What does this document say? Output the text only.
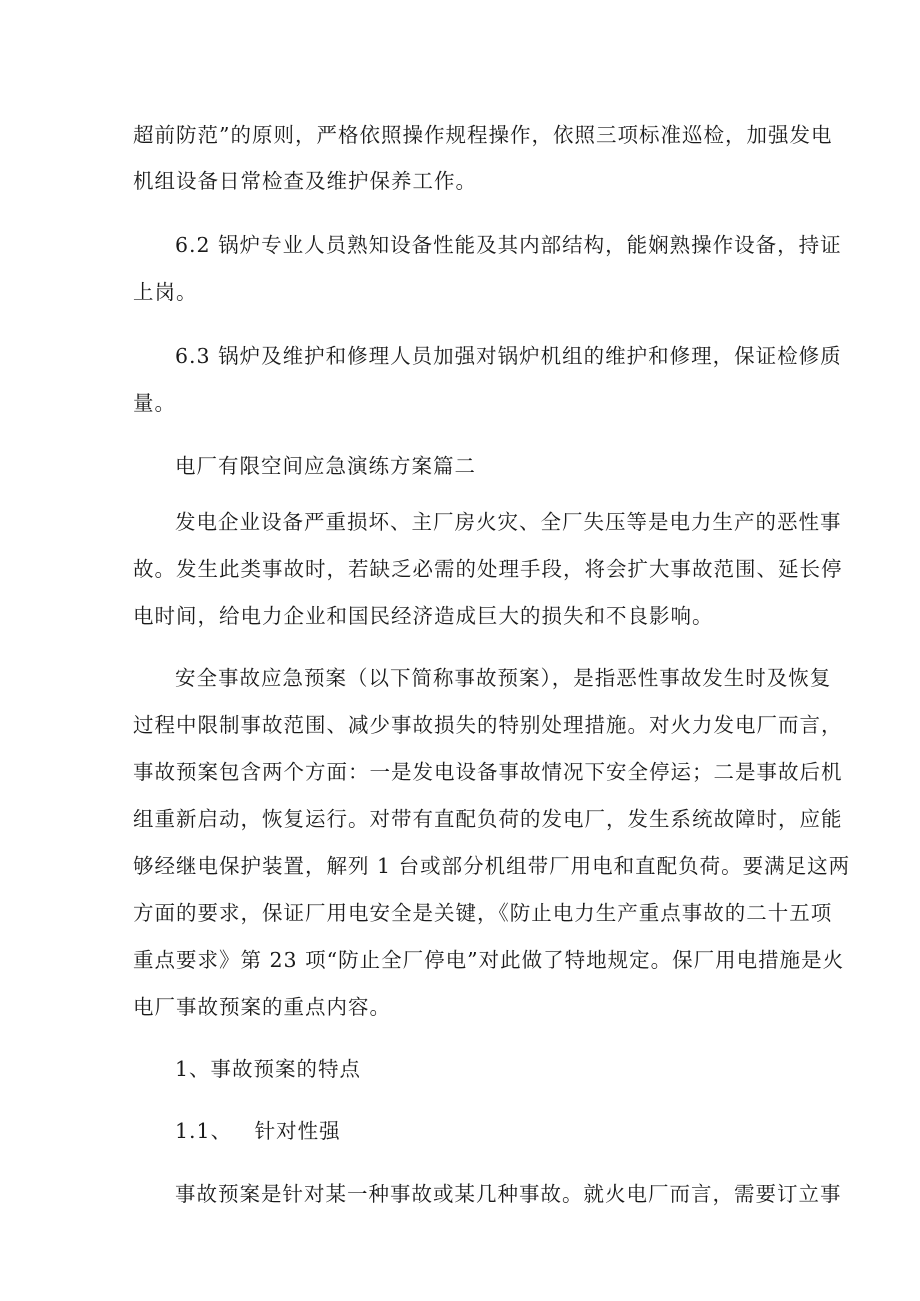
超前防范”的原则，严格依照操作规程操作，依照三项标准巡检，加强发电
机组设备日常检查及维护保养工作。
6.2 锅炉专业人员熟知设备性能及其内部结构，能娴熟操作设备，持证
上岗。
6.3 锅炉及维护和修理人员加强对锅炉机组的维护和修理，保证检修质
量。
电厂有限空间应急演练方案篇二
发电企业设备严重损坏、主厂房火灾、全厂失压等是电力生产的恶性事
故。发生此类事故时，若缺乏必需的处理手段，将会扩大事故范围、延长停
电时间，给电力企业和国民经济造成巨大的损失和不良影响。
安全事故应急预案（以下简称事故预案），是指恶性事故发生时及恢复
过程中限制事故范围、减少事故损失的特别处理措施。对火力发电厂而言，
事故预案包含两个方面：一是发电设备事故情况下安全停运；二是事故后机
组重新启动，恢复运行。对带有直配负荷的发电厂，发生系统故障时，应能
够经继电保护装置，解列 1 台或部分机组带厂用电和直配负荷。要满足这两
方面的要求，保证厂用电安全是关键，《防止电力生产重点事故的二十五项
重点要求》第 23 项“防止全厂停电”对此做了特地规定。保厂用电措施是火
电厂事故预案的重点内容。
1、事故预案的特点
1.1、   针对性强
事故预案是针对某一种事故或某几种事故。就火电厂而言，需要订立事
